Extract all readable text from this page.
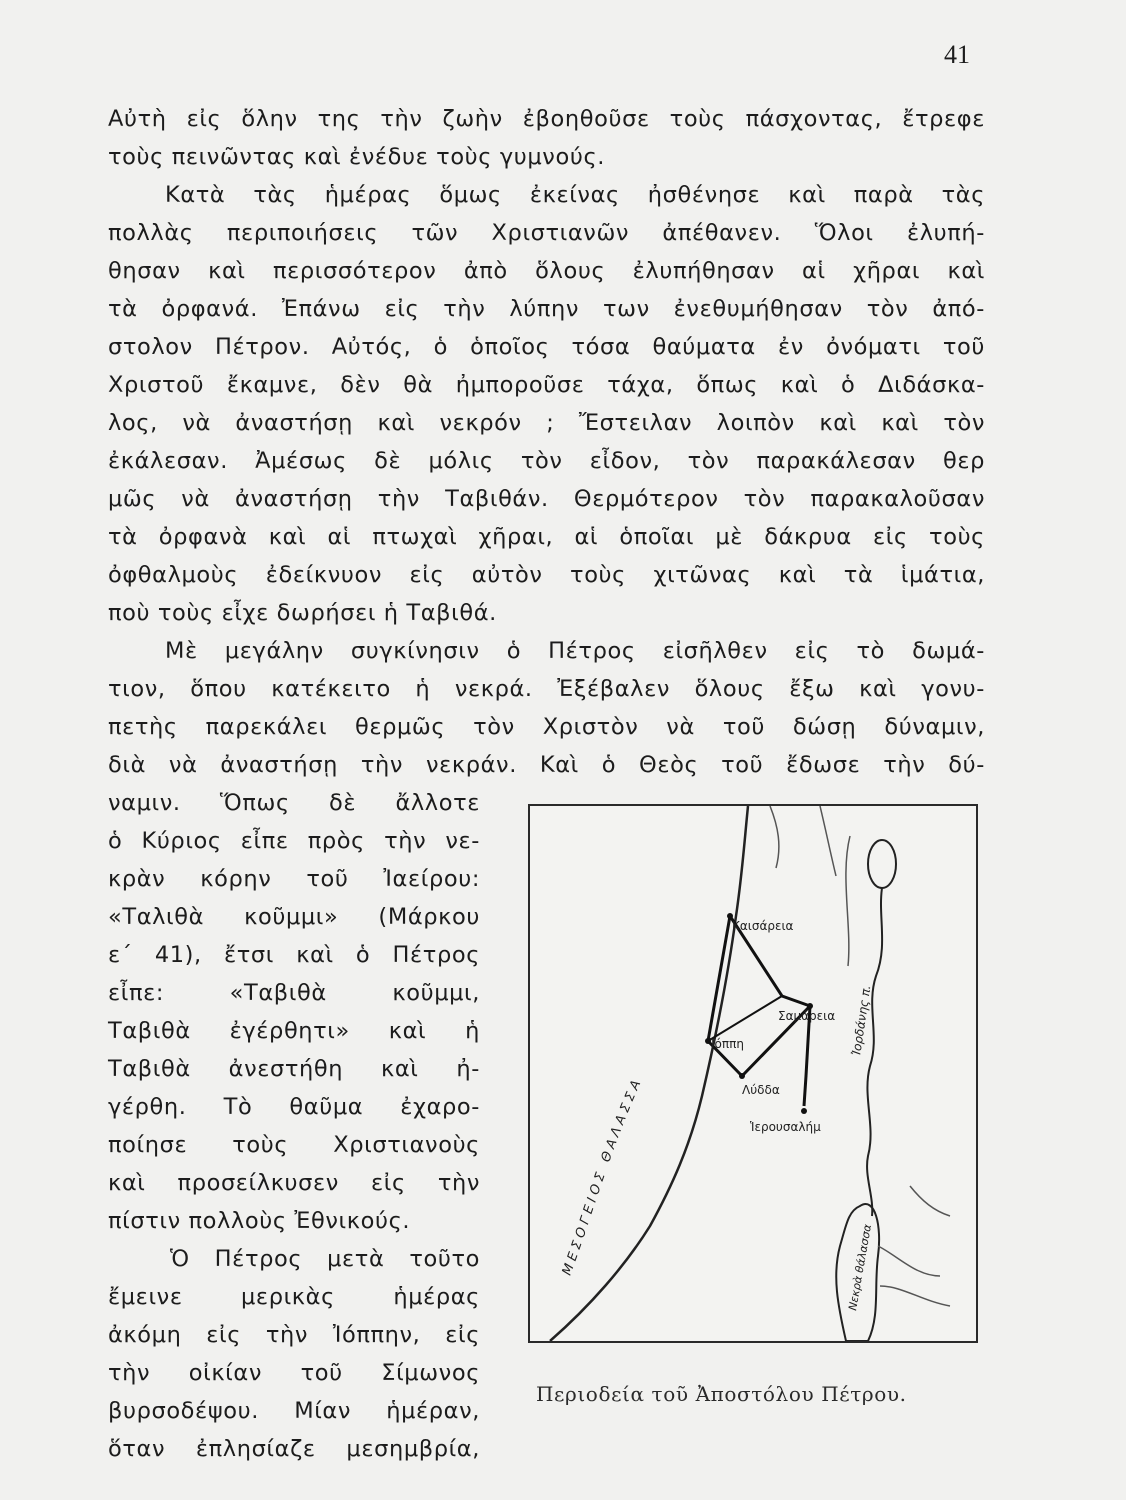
41
Αὐτὴ εἰς ὅλην της τὴν ζωὴν ἐβοηθοῦσε τοὺς πάσχοντας, ἔτρεφε
τοὺς πεινῶντας καὶ ἐνέδυε τοὺς γυμνούς.
Κατὰ τὰς ἡμέρας ὅμως ἐκείνας ἠσθένησε καὶ παρὰ τὰς
πολλὰς περιποιήσεις τῶν Χριστιανῶν ἀπέθανεν. Ὅλοι ἐλυπή-
θησαν καὶ περισσότερον ἀπὸ ὅλους ἐλυπήθησαν αἱ χῆραι καὶ
τὰ ὀρφανά. Ἐπάνω εἰς τὴν λύπην των ἐνεθυμήθησαν τὸν ἀπό-
στολον Πέτρον. Αὐτός, ὁ ὁποῖος τόσα θαύματα ἐν ὀνόματι τοῦ
Χριστοῦ ἔκαμνε, δὲν θὰ ἠμποροῦσε τάχα, ὅπως καὶ ὁ Διδάσκα-
λος, νὰ ἀναστήσῃ καὶ νεκρόν ; Ἔστειλαν λοιπὸν καὶ καὶ τὸν
ἐκάλεσαν. Ἀμέσως δὲ μόλις τὸν εἶδον, τὸν παρακάλεσαν θερ
μῶς νὰ ἀναστήσῃ τὴν Ταβιθάν. Θερμότερον τὸν παρακαλοῦσαν
τὰ ὀρφανὰ καὶ αἱ πτωχαὶ χῆραι, αἱ ὁποῖαι μὲ δάκρυα εἰς τοὺς
ὀφθαλμοὺς ἐδείκνυον εἰς αὐτὸν τοὺς χιτῶνας καὶ τὰ ἱμάτια,
ποὺ τοὺς εἶχε δωρήσει ἡ Ταβιθά.
Μὲ μεγάλην συγκίνησιν ὁ Πέτρος εἰσῆλθεν εἰς τὸ δωμά-
τιον, ὅπου κατέκειτο ἡ νεκρά. Ἐξέβαλεν ὅλους ἔξω καὶ γονυ-
πετὴς παρεκάλει θερμῶς τὸν Χριστὸν νὰ τοῦ δώσῃ δύναμιν,
διὰ νὰ ἀναστήσῃ τὴν νεκράν. Καὶ ὁ Θεὸς τοῦ ἔδωσε τὴν δύ-
ναμιν. Ὅπως δὲ ἄλλοτε
ὁ Κύριος εἶπε πρὸς τὴν νε-
κρὰν κόρην τοῦ Ἰαείρου:
«Ταλιθὰ κοῦμμι» (Μάρκου
ε΄ 41), ἔτσι καὶ ὁ Πέτρος
εἶπε: «Ταβιθὰ κοῦμμι,
Ταβιθὰ ἐγέρθητι» καὶ ἡ
Ταβιθὰ ἀνεστήθη καὶ ἠ-
γέρθη. Τὸ θαῦμα ἐχαρο-
ποίησε τοὺς Χριστιανοὺς
καὶ προσείλκυσεν εἰς τὴν
πίστιν πολλοὺς Ἐθνικούς.
Ὁ Πέτρος μετὰ τοῦτο
ἔμεινε μερικὰς ἡμέρας
ἀκόμη εἰς τὴν Ἰόππην, εἰς
τὴν οἰκίαν τοῦ Σίμωνος
βυρσοδέψου. Μίαν ἡμέραν,
ὅταν ἐπλησίαζε μεσημβρία,
Καισάρεια
Σαμάρεια
Ἰόππη
Λύδδα
Ἱερουσαλήμ
ΜΕΣΟΓΕΙΟΣ ΘΑΛΑΣΣΑ
Ἰορδάνης π.
Νεκρὰ θάλασσα
Περιοδεία τοῦ Ἀποστόλου Πέτρου.
